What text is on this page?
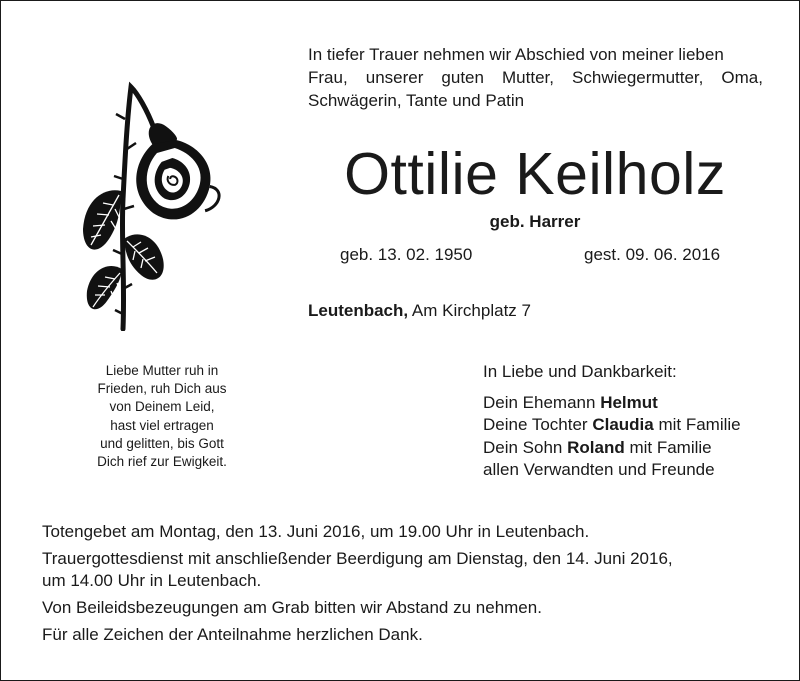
In tiefer Trauer nehmen wir Abschied von meiner lieben
Frau, unserer guten Mutter, Schwiegermutter, Oma,
Schwägerin, Tante und Patin
Ottilie Keilholz
geb. Harrer
geb. 13. 02. 1950	gest. 09. 06. 2016
Leutenbach, Am Kirchplatz 7
Liebe Mutter ruh in
Frieden, ruh Dich aus
von Deinem Leid,
hast viel ertragen
und gelitten, bis Gott
Dich rief zur Ewigkeit.
In Liebe und Dankbarkeit:
Dein Ehemann Helmut
Deine Tochter Claudia mit Familie
Dein Sohn Roland mit Familie
allen Verwandten und Freunde
Totengebet am Montag, den 13. Juni 2016, um 19.00 Uhr in Leutenbach.
Trauergottesdienst mit anschließender Beerdigung am Dienstag, den 14. Juni 2016,
um 14.00 Uhr in Leutenbach.
Von Beileidsbezeugungen am Grab bitten wir Abstand zu nehmen.
Für alle Zeichen der Anteilnahme herzlichen Dank.
